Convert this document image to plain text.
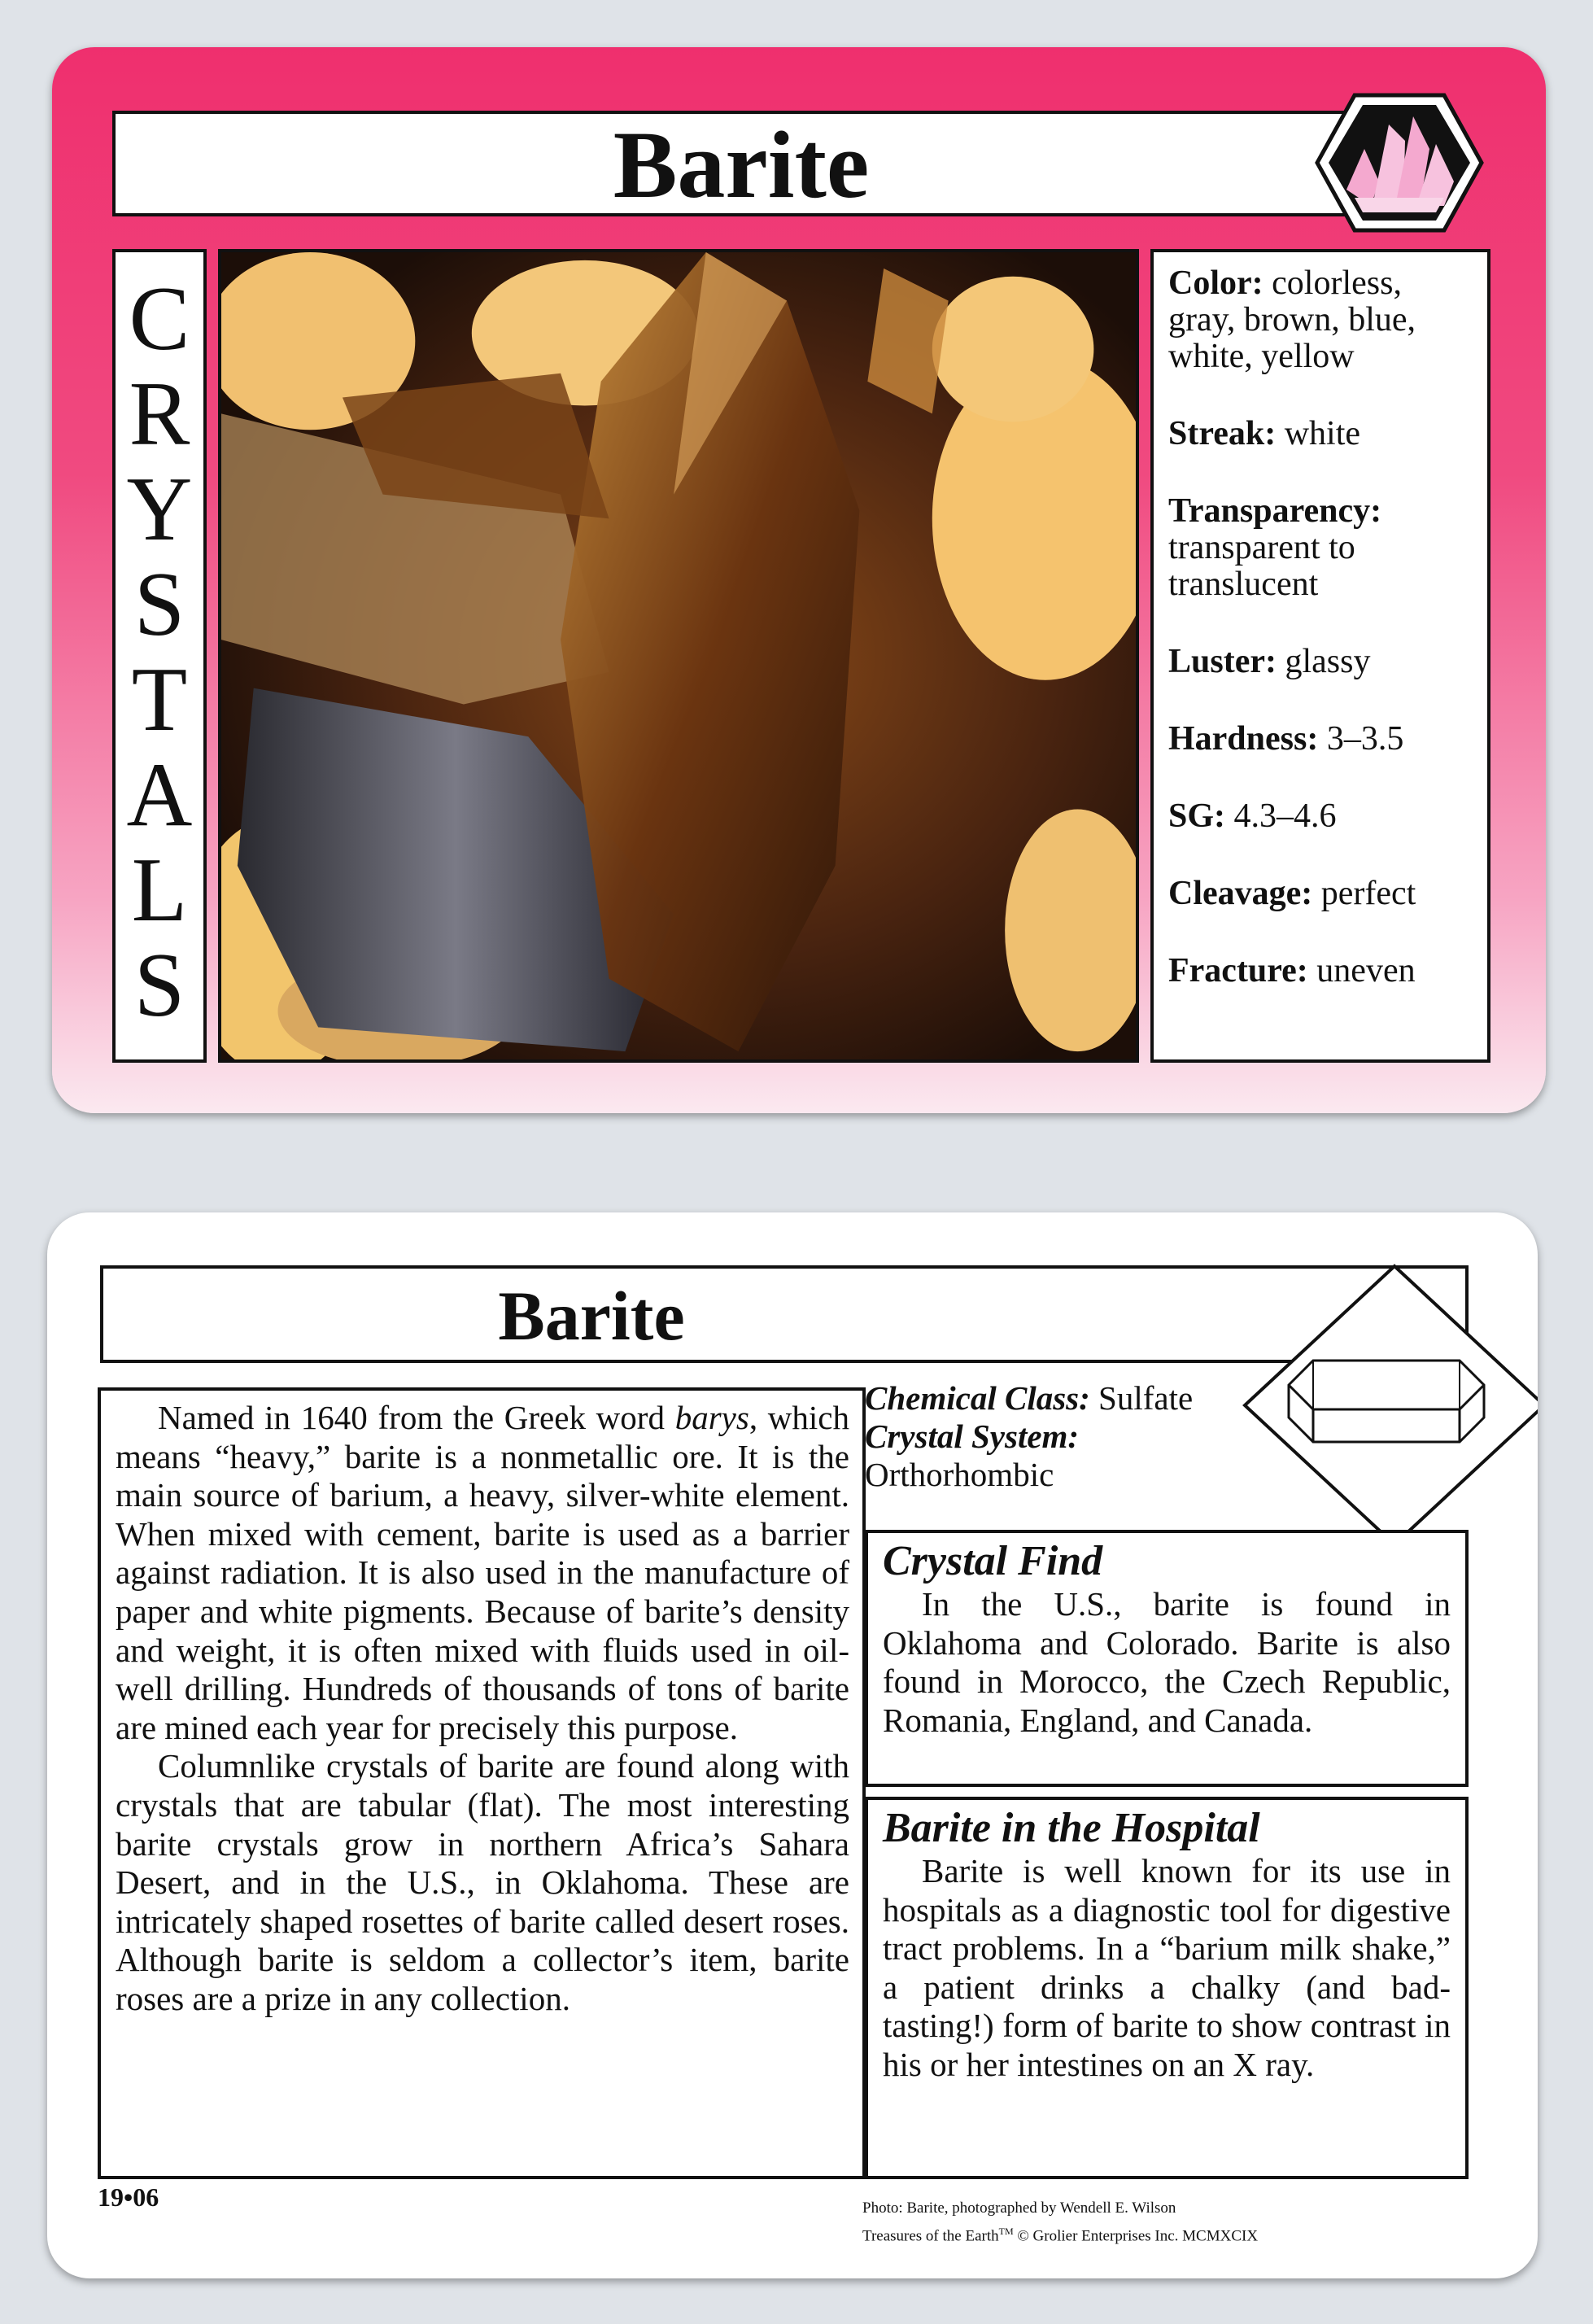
Barite
C
R
Y
S
T
A
L
S

Color: colorless, gray, brown, blue, white, yellow

Streak: white

Transparency: transparent to translucent

Luster: glassy

Hardness: 3–3.5

SG: 4.3–4.6

Cleavage: perfect

Fracture: uneven

Barite

Named in 1640 from the Greek word barys, which means “heavy,” barite is a nonmetallic ore. It is the main source of barium, a heavy, silver-white element. When mixed with cement, barite is used as a barrier against radiation. It is also used in the manufacture of paper and white pigments. Because of barite’s density and weight, it is often mixed with fluids used in oil-well drilling. Hundreds of thousands of tons of barite are mined each year for precisely this purpose.

Columnlike crystals of barite are found along with crystals that are tabular (flat). The most interesting barite crystals grow in northern Africa’s Sahara Desert, and in the U.S., in Oklahoma. These are intricately shaped rosettes of barite called desert roses. Although barite is seldom a collector’s item, barite roses are a prize in any collection.

Chemical Class: Sulfate
Crystal System:
Orthorhombic

Crystal Find

In the U.S., barite is found in Oklahoma and Colorado. Barite is also found in Morocco, the Czech Republic, Romania, England, and Canada.

Barite in the Hospital

Barite is well known for its use in hospitals as a diagnostic tool for digestive tract problems. In a “barium milk shake,” a patient drinks a chalky (and bad-tasting!) form of barite to show contrast in his or her intestines on an X ray.

19•06	Photo: Barite, photographed by Wendell E. Wilson
Treasures of the Earth™ © Grolier Enterprises Inc. MCMXCIX
